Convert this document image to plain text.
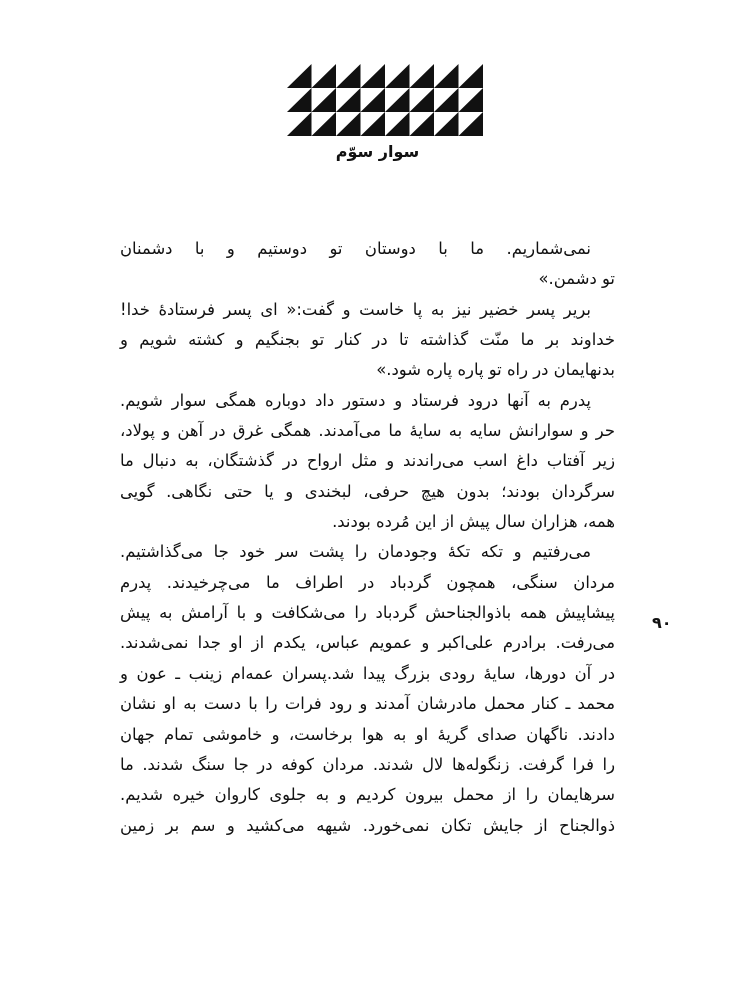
سوار سوّم
۹۰
نمی‌شماریم. ما با دوستان تو دوستیم و با دشمنان
تو دشمن.»
بریر پسر خضیر نیز به پا خاست و گفت:« ای پسر فرستادهٔ خدا!
خداوند بر ما منّت گذاشته تا در کنار تو بجنگیم و کشته شویم و
بدنهایمان در راه تو پاره پاره شود.»
پدرم به آنها درود فرستاد و دستور داد دوباره همگی سوار شویم.
حر و سوارانش سایه به سایهٔ ما می‌آمدند. همگی غرق در آهن و پولاد،
زیر آفتاب داغ اسب می‌راندند و مثل ارواح در گذشتگان، به دنبال ما
سرگردان بودند؛ بدون هیچ حرفی، لبخندی و یا حتی نگاهی. گویی
همه، هزاران سال پیش از این مُرده بودند.
می‌رفتیم و تکه تکهٔ وجودمان را پشت سر خود جا می‌گذاشتیم.
مردان سنگی، همچون گردباد در اطراف ما می‌چرخیدند. پدرم
پیشاپیش همه باذوالجناحش گردباد را می‌شکافت و با آرامش به پیش
می‌رفت. برادرم علی‌اکبر و عمویم عباس، یکدم از او جدا نمی‌شدند.
در آن دورها، سایهٔ رودی بزرگ پیدا شد.پسران عمه‌ام زینب ـ عون و
محمد ـ کنار محمل مادرشان آمدند و رود فرات را با دست به او نشان
دادند. ناگهان صدای گریهٔ او به هوا برخاست، و خاموشی تمام جهان
را فرا گرفت. زنگوله‌ها لال شدند. مردان کوفه در جا سنگ شدند. ما
سرهایمان را از محمل بیرون کردیم و به جلوی کاروان خیره شدیم.
ذوالجناح از جایش تکان نمی‌خورد. شیهه می‌کشید و سم بر زمین
